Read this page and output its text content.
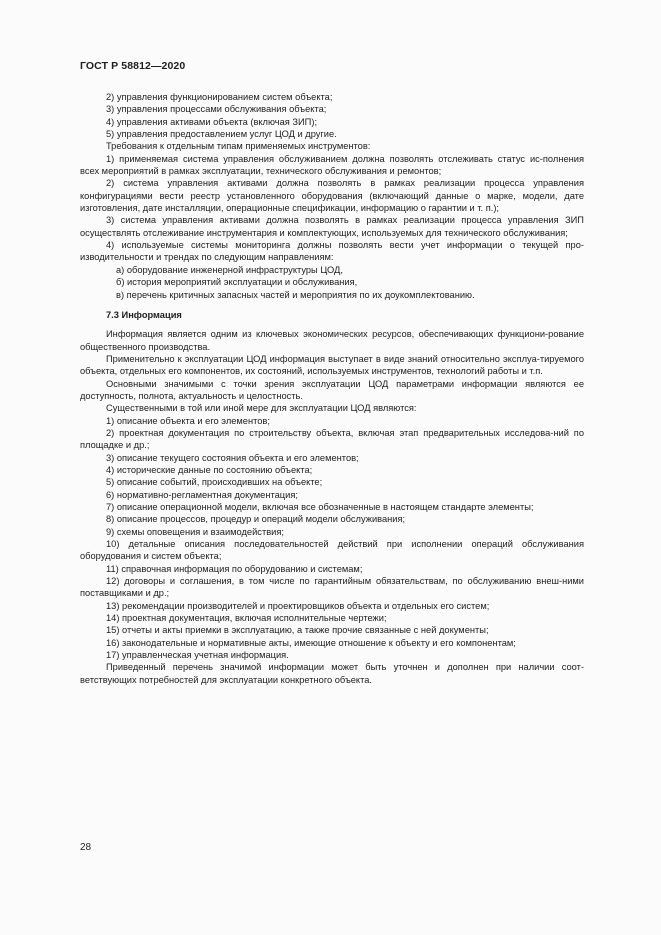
ГОСТ Р 58812—2020

2) управления функционированием систем объекта;

3) управления процессами обслуживания объекта;

4) управления активами объекта (включая ЗИП);

5) управления предоставлением услуг ЦОД и другие.

Требования к отдельным типам применяемых инструментов:

1) применяемая система управления обслуживанием должна позволять отслеживать статус ис-полнения всех мероприятий в рамках эксплуатации, технического обслуживания и ремонтов;

2) система управления активами должна позволять в рамках реализации процесса управления конфигурациями вести реестр установленного оборудования (включающий данные о марке, модели, дате изготовления, дате инсталляции, операционные спецификации, информацию о гарантии и т. п.);

3) система управления активами должна позволять в рамках реализации процесса управления ЗИП осуществлять отслеживание инструментария и комплектующих, используемых для технического обслуживания;

4) используемые системы мониторинга должны позволять вести учет информации о текущей про-изводительности и трендах по следующим направлениям:

а) оборудование инженерной инфраструктуры ЦОД,

б) история мероприятий эксплуатации и обслуживания,

в) перечень критичных запасных частей и мероприятия по их доукомплектованию.

7.3 Информация

Информация является одним из ключевых экономических ресурсов, обеспечивающих функциони-рование общественного производства.

Применительно к эксплуатации ЦОД информация выступает в виде знаний относительно эксплуа-тируемого объекта, отдельных его компонентов, их состояний, используемых инструментов, технологий работы и т.п.

Основными значимыми с точки зрения эксплуатации ЦОД параметрами информации являются ее доступность, полнота, актуальность и целостность.

Существенными в той или иной мере для эксплуатации ЦОД являются:

1) описание объекта и его элементов;

2) проектная документация по строительству объекта, включая этап предварительных исследова-ний по площадке и др.;

3) описание текущего состояния объекта и его элементов;

4) исторические данные по состоянию объекта;

5) описание событий, происходивших на объекте;

6) нормативно-регламентная документация;

7) описание операционной модели, включая все обозначенные в настоящем стандарте элементы;

8) описание процессов, процедур и операций модели обслуживания;

9) схемы оповещения и взаимодействия;

10) детальные описания последовательностей действий при исполнении операций обслуживания оборудования и систем объекта;

11) справочная информация по оборудованию и системам;

12) договоры и соглашения, в том числе по гарантийным обязательствам, по обслуживанию внеш-ними поставщиками и др.;

13) рекомендации производителей и проектировщиков объекта и отдельных его систем;

14) проектная документация, включая исполнительные чертежи;

15) отчеты и акты приемки в эксплуатацию, а также прочие связанные с ней документы;

16) законодательные и нормативные акты, имеющие отношение к объекту и его компонентам;

17) управленческая учетная информация.

Приведенный перечень значимой информации может быть уточнен и дополнен при наличии соот-ветствующих потребностей для эксплуатации конкретного объекта.

28
